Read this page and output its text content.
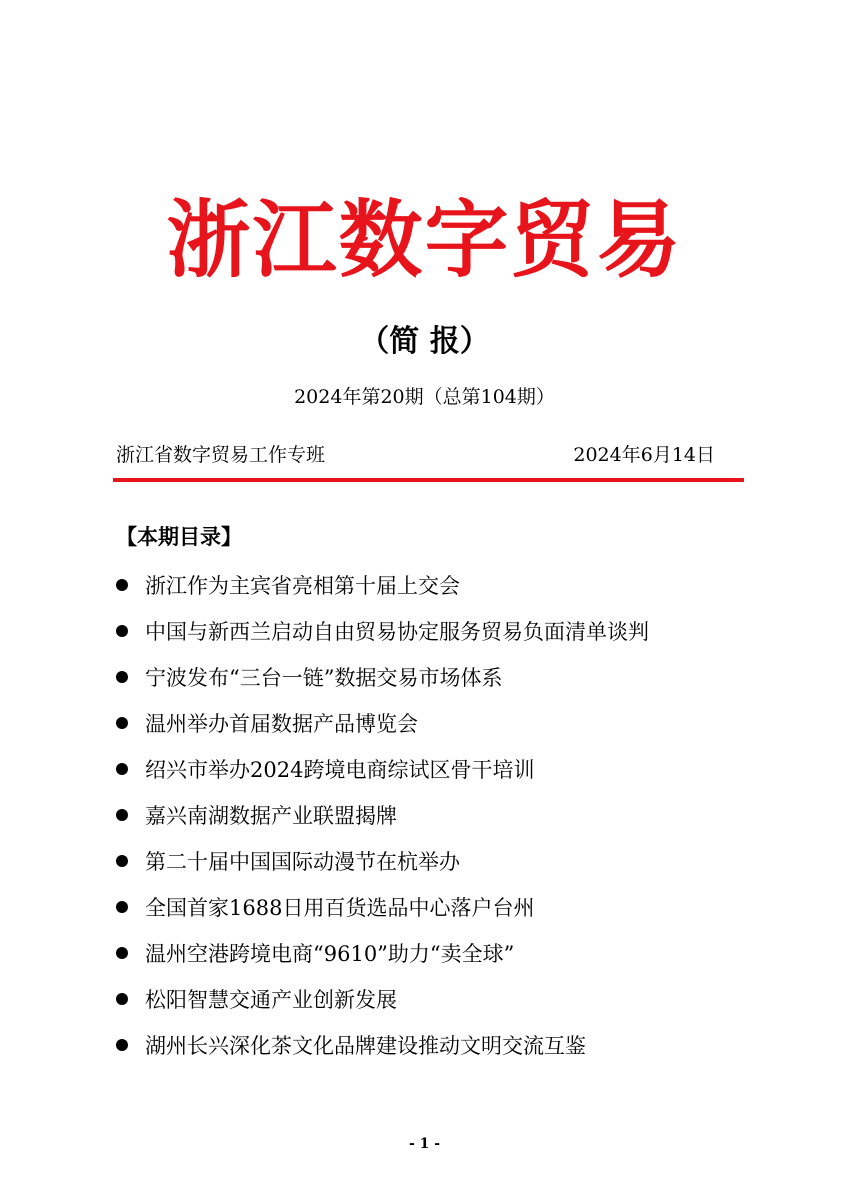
浙江数字贸易
（简 报）
2024年第20期（总第104期）
浙江省数字贸易工作专班	2024年6月14日
【本期目录】
浙江作为主宾省亮相第十届上交会
中国与新西兰启动自由贸易协定服务贸易负面清单谈判
宁波发布“三台一链”数据交易市场体系
温州举办首届数据产品博览会
绍兴市举办2024跨境电商综试区骨干培训
嘉兴南湖数据产业联盟揭牌
第二十届中国国际动漫节在杭举办
全国首家1688日用百货选品中心落户台州
温州空港跨境电商“9610”助力“卖全球”
松阳智慧交通产业创新发展
湖州长兴深化茶文化品牌建设推动文明交流互鉴
- 1 -
